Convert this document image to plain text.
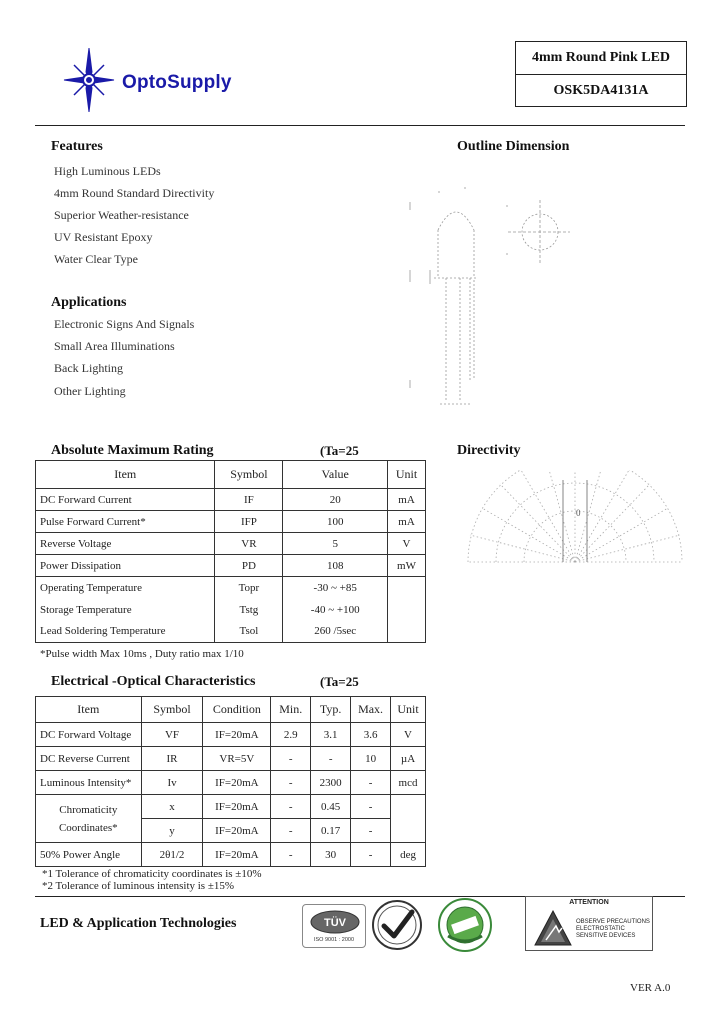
OptoSupply
4mm Round Pink LED
OSK5DA4131A
Features
High Luminous LEDs
4mm Round Standard Directivity
Superior Weather-resistance
UV Resistant Epoxy
Water Clear Type
Applications
Electronic Signs And Signals
Small Area Illuminations
Back Lighting
Other Lighting
Outline Dimension
Directivity
0
Absolute Maximum Rating	(Ta=25
Item	Symbol	Value	Unit
DC Forward Current	IF	20	mA
Pulse Forward Current*	IFP	100	mA
Reverse Voltage	VR	5	V
Power Dissipation	PD	108	mW
Operating Temperature	Topr	-30 ~ +85	
Storage Temperature	Tstg	-40 ~ +100	
Lead Soldering Temperature	Tsol	260 /5sec	
*Pulse width Max 10ms , Duty ratio max 1/10
Electrical -Optical Characteristics	(Ta=25
Item	Symbol	Condition	Min.	Typ.	Max.	Unit
DC Forward Voltage	VF	IF=20mA	2.9	3.1	3.6	V
DC Reverse Current	IR	VR=5V	-	-	10	µA
Luminous Intensity*	Iv	IF=20mA	-	2300	-	mcd

Chromaticity
Coordinates*	x	IF=20mA	-	0.45	-	
	y	IF=20mA	-	0.17	-	
50% Power Angle	2θ1/2	IF=20mA	-	30	-	deg
*1 Tolerance of chromaticity coordinates is ±10%
*2 Tolerance of luminous intensity is ±15%
LED & Application Technologies	TÜV
ISO 9001 : 2000
ATTENTION
OBSERVE PRECAUTIONS
ELECTROSTATIC
SENSITIVE DEVICES
VER A.0
